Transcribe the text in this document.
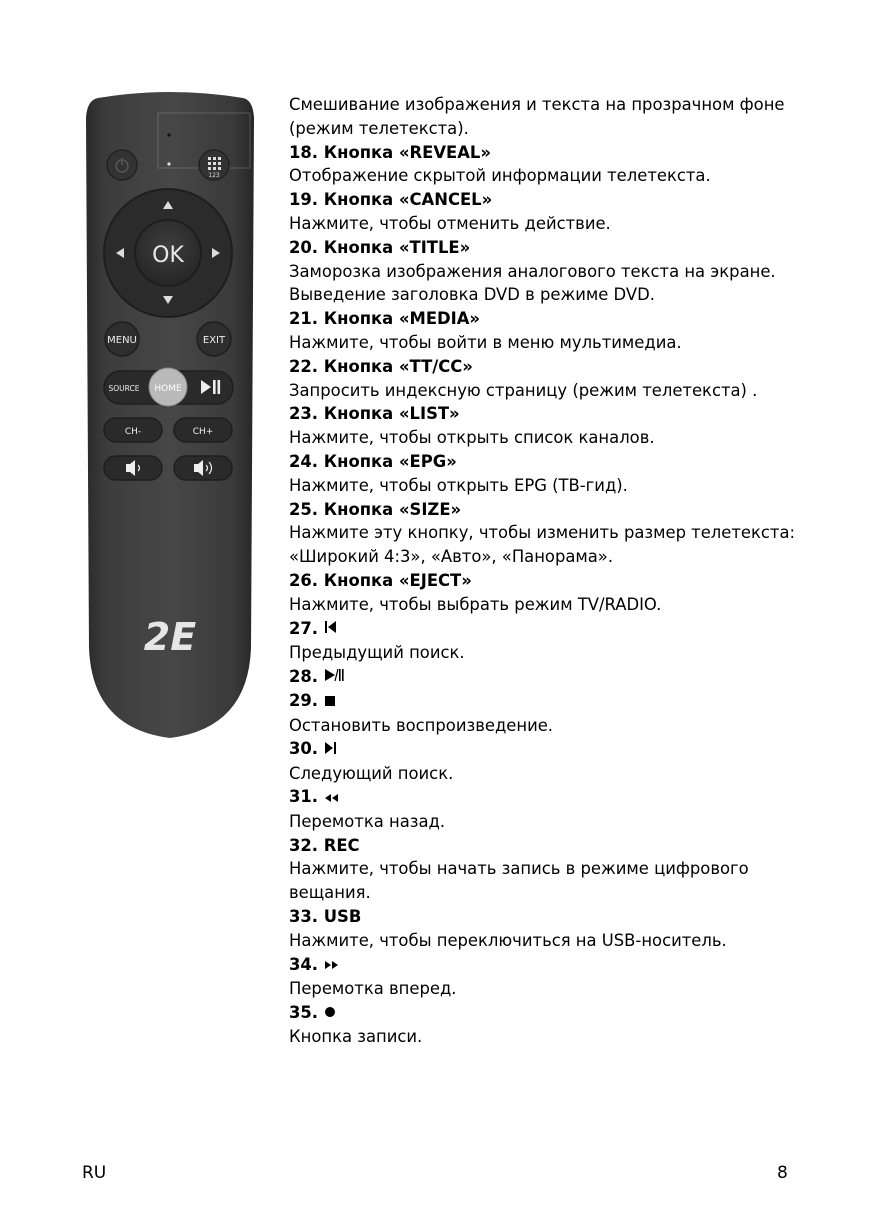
123
OK
MENU	EXIT
SOURCE HOME
CH-	CH+
2E
Смешивание изображения и текста на прозрачном фоне
(режим телетекста).
18. Кнопка «REVEAL»
Отображение скрытой информации телетекста.
19. Кнопка «CANCEL»
Нажмите, чтобы отменить действие.
20. Кнопка «TITLE»
Заморозка изображения аналогового текста на экране.
Выведение заголовка DVD в режиме DVD.
21. Кнопка «MEDIA»
Нажмите, чтобы войти в меню мультимедиа.
22. Кнопка «TT/CC»
Запросить индексную страницу (режим телетекста) .
23. Кнопка «LIST»
Нажмите, чтобы открыть список каналов.
24. Кнопка «EPG»
Нажмите, чтобы открыть EPG (ТВ-гид).
25. Кнопка «SIZE»
Нажмите эту кнопку, чтобы изменить размер телетекста:
«Широкий 4:3», «Авто», «Панорама».
26. Кнопка «EJECT»
Нажмите, чтобы выбрать режим TV/RADIO.
27.
Предыдущий поиск.
28.
29.
Остановить воспроизведение.
30.
Следующий поиск.
31.
Перемотка назад.
32. REC
Нажмите, чтобы начать запись в режиме цифрового
вещания.
33. USB
Нажмите, чтобы переключиться на USB-носитель.
34.
Перемотка вперед.
35.
Кнопка записи.
RU	8
